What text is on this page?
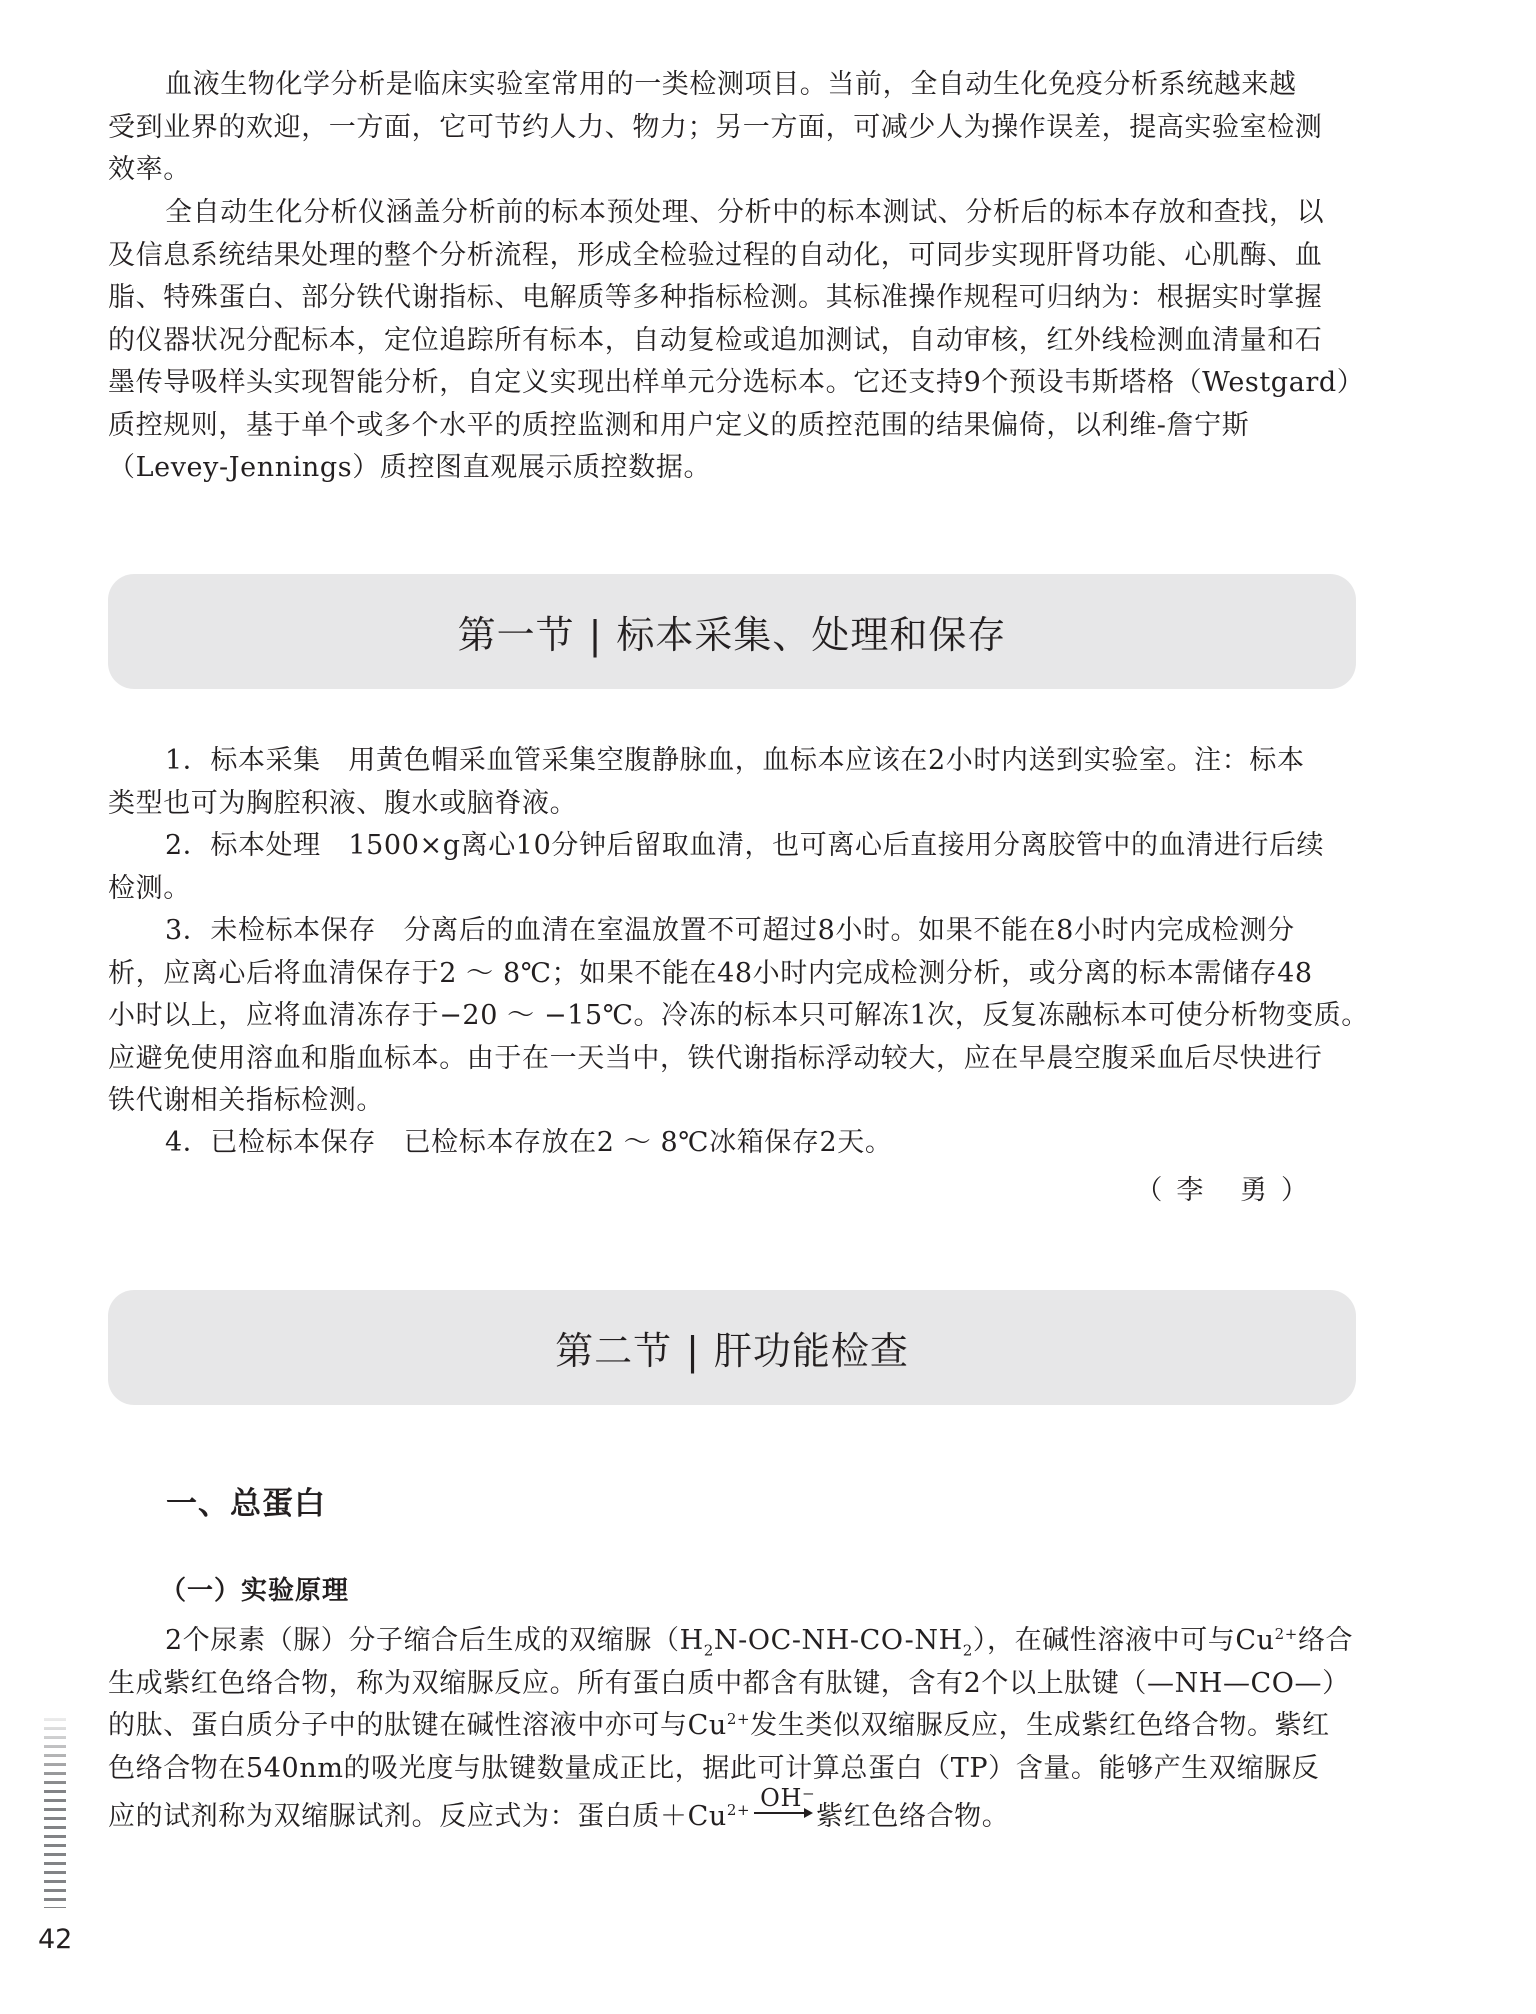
血液生物化学分析是临床实验室常用的一类检测项目。当前，全自动生化免疫分析系统越来越
受到业界的欢迎，一方面，它可节约人力、物力；另一方面，可减少人为操作误差，提高实验室检测
效率。

全自动生化分析仪涵盖分析前的标本预处理、分析中的标本测试、分析后的标本存放和查找，以
及信息系统结果处理的整个分析流程，形成全检验过程的自动化，可同步实现肝肾功能、心肌酶、血
脂、特殊蛋白、部分铁代谢指标、电解质等多种指标检测。其标准操作规程可归纳为：根据实时掌握
的仪器状况分配标本，定位追踪所有标本，自动复检或追加测试，自动审核，红外线检测血清量和石
墨传导吸样头实现智能分析，自定义实现出样单元分选标本。它还支持9个预设韦斯塔格（Westgard）
质控规则，基于单个或多个水平的质控监测和用户定义的质控范围的结果偏倚，以利维-詹宁斯
（Levey-Jennings）质控图直观展示质控数据。

第一节 | 标本采集、处理和保存

1．标本采集　用黄色帽采血管采集空腹静脉血，血标本应该在2小时内送到实验室。注：标本
类型也可为胸腔积液、腹水或脑脊液。

2．标本处理　1500×g离心10分钟后留取血清，也可离心后直接用分离胶管中的血清进行后续
检测。

3．未检标本保存　分离后的血清在室温放置不可超过8小时。如果不能在8小时内完成检测分
析，应离心后将血清保存于2 ～ 8℃；如果不能在48小时内完成检测分析，或分离的标本需储存48
小时以上，应将血清冻存于−20 ～ −15℃。冷冻的标本只可解冻1次，反复冻融标本可使分析物变质。
应避免使用溶血和脂血标本。由于在一天当中，铁代谢指标浮动较大，应在早晨空腹采血后尽快进行
铁代谢相关指标检测。

4．已检标本保存　已检标本存放在2 ～ 8℃冰箱保存2天。

（李 勇）
第二节 | 肝功能检查
一、总蛋白
（一）实验原理

2个尿素（脲）分子缩合后生成的双缩脲$(H_2N-OC-NH-CO-NH_2)$，在碱性溶液中可与$Cu^{2+}$络合
生成紫红色络合物，称为双缩脲反应。所有蛋白质中都含有肽键，含有2个以上肽键（—NH—CO—）
的肽、蛋白质分子中的肽键在碱性溶液中亦可与$Cu^{2+}$发生类似双缩脲反应，生成紫红色络合物。紫红
色络合物在540nm的吸光度与肽键数量成正比，据此可计算总蛋白（TP）含量。能够产生双缩脲反
应的试剂称为双缩脲试剂。反应式为：蛋白质$+Cu^{2+}$ OH⁻
紫红色络合物。

42
